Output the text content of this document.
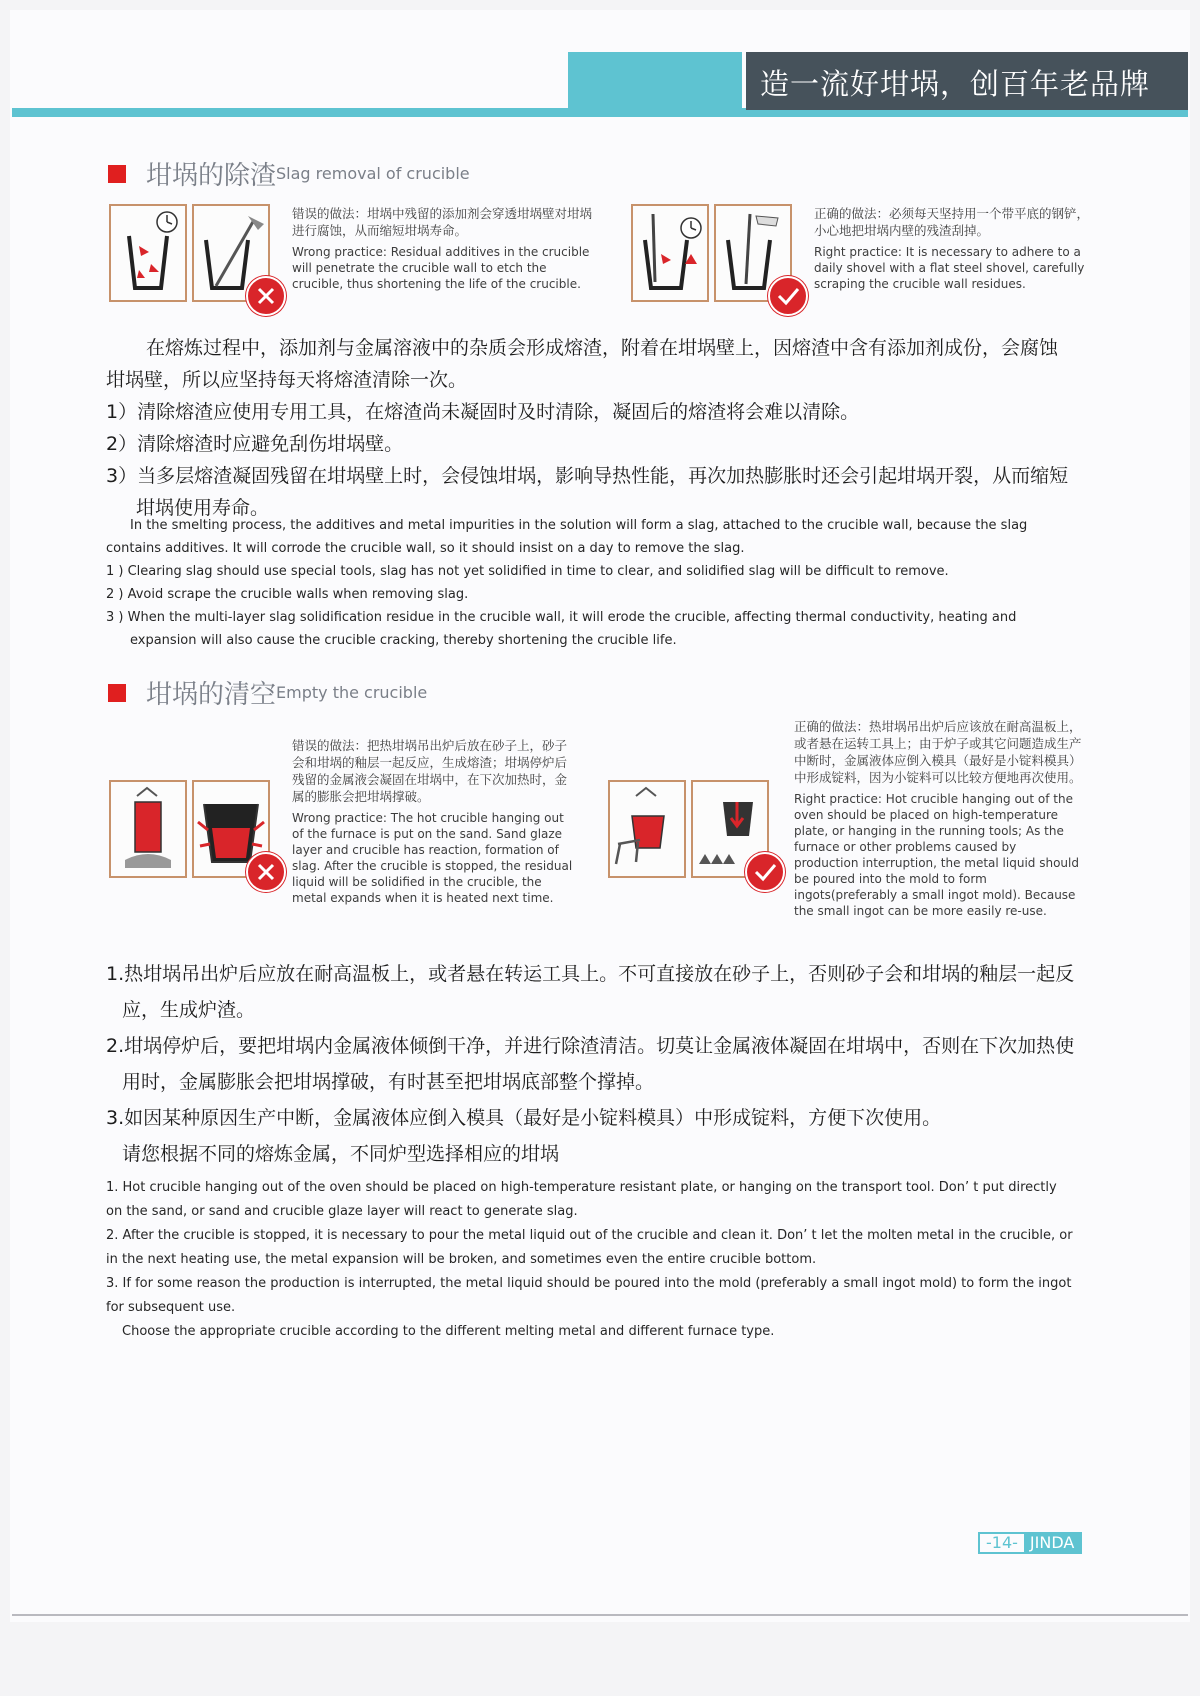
造一流好坩埚，创百年老品牌
坩埚的除渣Slag removal of crucible

错误的做法：坩埚中残留的添加剂会穿透坩埚壁对坩埚进行腐蚀，从而缩短坩埚寿命。

Wrong practice: Residual additives in the crucible will penetrate the crucible wall to etch the crucible, thus shortening the life of the crucible.

正确的做法：必须每天坚持用一个带平底的钢铲，小心地把坩埚内壁的残渣刮掉。

Right practice: It is necessary to adhere to a daily shovel with a flat steel shovel, carefully scraping the crucible wall residues.

在熔炼过程中，添加剂与金属溶液中的杂质会形成熔渣，附着在坩埚壁上，因熔渣中含有添加剂成份，会腐蚀坩埚壁，所以应坚持每天将熔渣清除一次。

1）清除熔渣应使用专用工具，在熔渣尚未凝固时及时清除，凝固后的熔渣将会难以清除。

2）清除熔渣时应避免刮伤坩埚壁。

3）当多层熔渣凝固残留在坩埚壁上时，会侵蚀坩埚，影响导热性能，再次加热膨胀时还会引起坩埚开裂，从而缩短坩埚使用寿命。

In the smelting process, the additives and metal impurities in the solution will form a slag, attached to the crucible wall, because the slag contains additives. It will corrode the crucible wall, so it should insist on a day to remove the slag.

1 ) Clearing slag should use special tools, slag has not yet solidified in time to clear, and solidified slag will be difficult to remove.

2 ) Avoid scrape the crucible walls when removing slag.

3 ) When the multi-layer slag solidification residue in the crucible wall, it will erode the crucible, affecting thermal conductivity, heating and expansion will also cause the crucible cracking, thereby shortening the crucible life.

坩埚的清空Empty the crucible

错误的做法：把热坩埚吊出炉后放在砂子上，砂子会和坩埚的釉层一起反应，生成熔渣；坩埚停炉后残留的金属液会凝固在坩埚中，在下次加热时，金属的膨胀会把坩埚撑破。

Wrong practice: The hot crucible hanging out of the furnace is put on the sand. Sand glaze layer and crucible has reaction, formation of slag. After the crucible is stopped, the residual liquid will be solidified in the crucible, the metal expands when it is heated next time.

正确的做法：热坩埚吊出炉后应该放在耐高温板上，或者悬在运转工具上；由于炉子或其它问题造成生产中断时，金属液体应倒入模具（最好是小锭料模具）中形成锭料，因为小锭料可以比较方便地再次使用。

Right practice: Hot crucible hanging out of the oven should be placed on high-temperature plate, or hanging in the running tools; As the furnace or other problems caused by production interruption, the metal liquid should be poured into the mold to form ingots(preferably a small ingot mold). Because the small ingot can be more easily re-use.

1.热坩埚吊出炉后应放在耐高温板上，或者悬在转运工具上。不可直接放在砂子上，否则砂子会和坩埚的釉层一起反应，生成炉渣。

2.坩埚停炉后，要把坩埚内金属液体倾倒干净，并进行除渣清洁。切莫让金属液体凝固在坩埚中，否则在下次加热使用时，金属膨胀会把坩埚撑破，有时甚至把坩埚底部整个撑掉。

3.如因某种原因生产中断，金属液体应倒入模具（最好是小锭料模具）中形成锭料，方便下次使用。

请您根据不同的熔炼金属，不同炉型选择相应的坩埚

1. Hot crucible hanging out of the oven should be placed on high-temperature resistant plate, or hanging on the transport tool. Don’ t put directly on the sand, or sand and crucible glaze layer will react to generate slag.

2. After the crucible is stopped, it is necessary to pour the metal liquid out of the crucible and clean it. Don’ t let the molten metal in the crucible, or in the next heating use, the metal expansion will be broken, and sometimes even the entire crucible bottom.

3. If for some reason the production is interrupted, the metal liquid should be poured into the mold (preferably a small ingot mold) to form the ingot for subsequent use.

Choose the appropriate crucible according to the different melting metal and different furnace type.

-14- JINDA
